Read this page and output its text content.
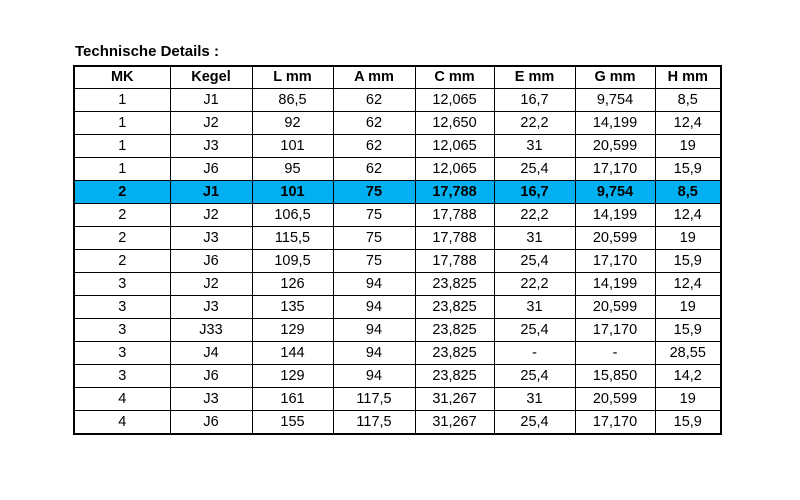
Technische Details :
MK	Kegel	L mm	A mm	C mm	E mm	G mm	H mm
1	J1	86,5	62	12,065	16,7	9,754	8,5
1	J2	92	62	12,650	22,2	14,199	12,4
1	J3	101	62	12,065	31	20,599	19
1	J6	95	62	12,065	25,4	17,170	15,9
2	J1	101	75	17,788	16,7	9,754	8,5
2	J2	106,5	75	17,788	22,2	14,199	12,4
2	J3	115,5	75	17,788	31	20,599	19
2	J6	109,5	75	17,788	25,4	17,170	15,9
3	J2	126	94	23,825	22,2	14,199	12,4
3	J3	135	94	23,825	31	20,599	19
3	J33	129	94	23,825	25,4	17,170	15,9
3	J4	144	94	23,825	-	-	28,55
3	J6	129	94	23,825	25,4	15,850	14,2
4	J3	161	117,5	31,267	31	20,599	19
4	J6	155	117,5	31,267	25,4	17,170	15,9
